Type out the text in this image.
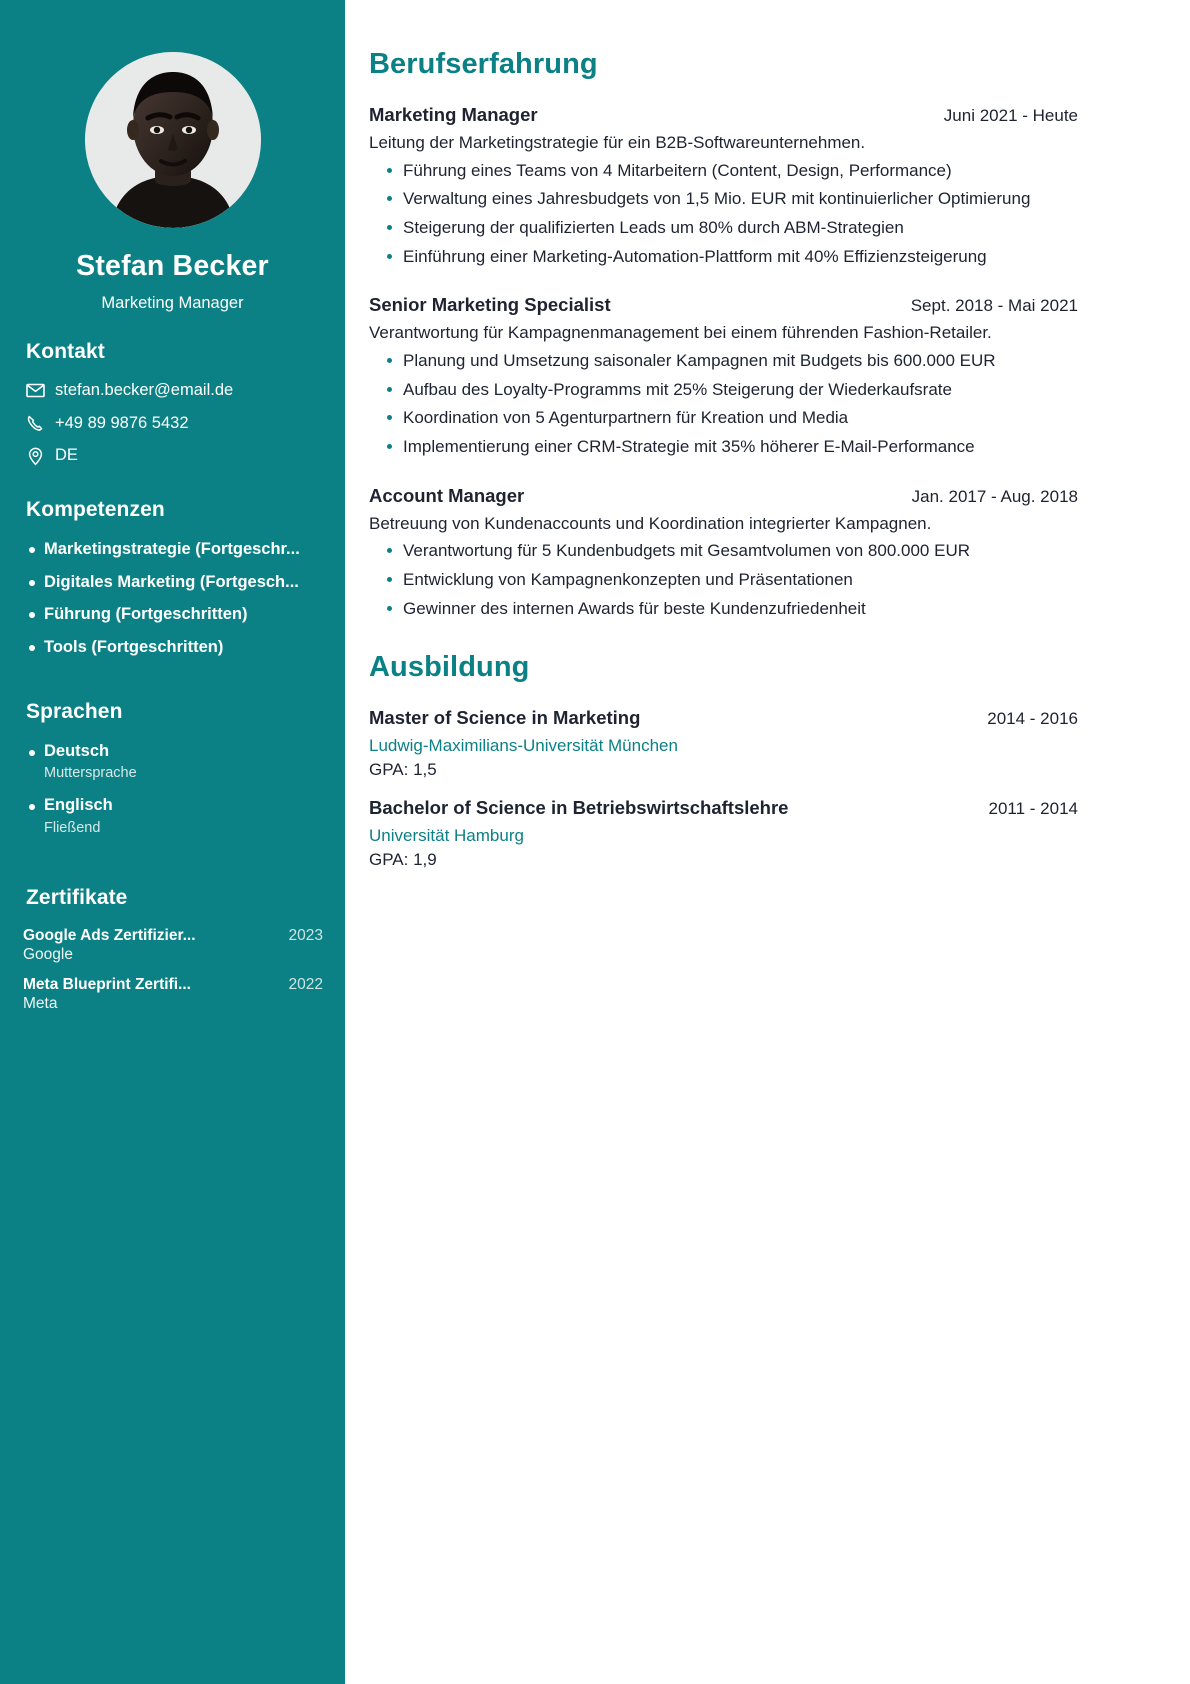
Stefan Becker
Marketing Manager
Kontakt
stefan.becker@email.de
+49 89 9876 5432
DE
Kompetenzen
Marketingstrategie (Fortgeschr...
Digitales Marketing (Fortgesch...
Führung (Fortgeschritten)
Tools (Fortgeschritten)
Sprachen
Deutsch
Muttersprache
Englisch
Fließend
Zertifikate
Google Ads Zertifizier...	2023
Google
Meta Blueprint Zertifi...	2022
Meta
Berufserfahrung
Marketing Manager	Juni 2021 - Heute

Leitung der Marketingstrategie für ein B2B-Softwareunternehmen.

Führung eines Teams von 4 Mitarbeitern (Content, Design, Performance)
Verwaltung eines Jahresbudgets von 1,5 Mio. EUR mit kontinuierlicher Optimierung
Steigerung der qualifizierten Leads um 80% durch ABM-Strategien
Einführung einer Marketing-Automation-Plattform mit 40% Effizienzsteigerung
Senior Marketing Specialist	Sept. 2018 - Mai 2021

Verantwortung für Kampagnenmanagement bei einem führenden Fashion-Retailer.

Planung und Umsetzung saisonaler Kampagnen mit Budgets bis 600.000 EUR
Aufbau des Loyalty-Programms mit 25% Steigerung der Wiederkaufsrate
Koordination von 5 Agenturpartnern für Kreation und Media
Implementierung einer CRM-Strategie mit 35% höherer E-Mail-Performance
Account Manager	Jan. 2017 - Aug. 2018

Betreuung von Kundenaccounts und Koordination integrierter Kampagnen.

Verantwortung für 5 Kundenbudgets mit Gesamtvolumen von 800.000 EUR
Entwicklung von Kampagnenkonzepten und Präsentationen
Gewinner des internen Awards für beste Kundenzufriedenheit
Ausbildung
Master of Science in Marketing	2014 - 2016
Ludwig-Maximilians-Universität München
GPA: 1,5
Bachelor of Science in Betriebswirtschaftslehre	2011 - 2014
Universität Hamburg
GPA: 1,9
